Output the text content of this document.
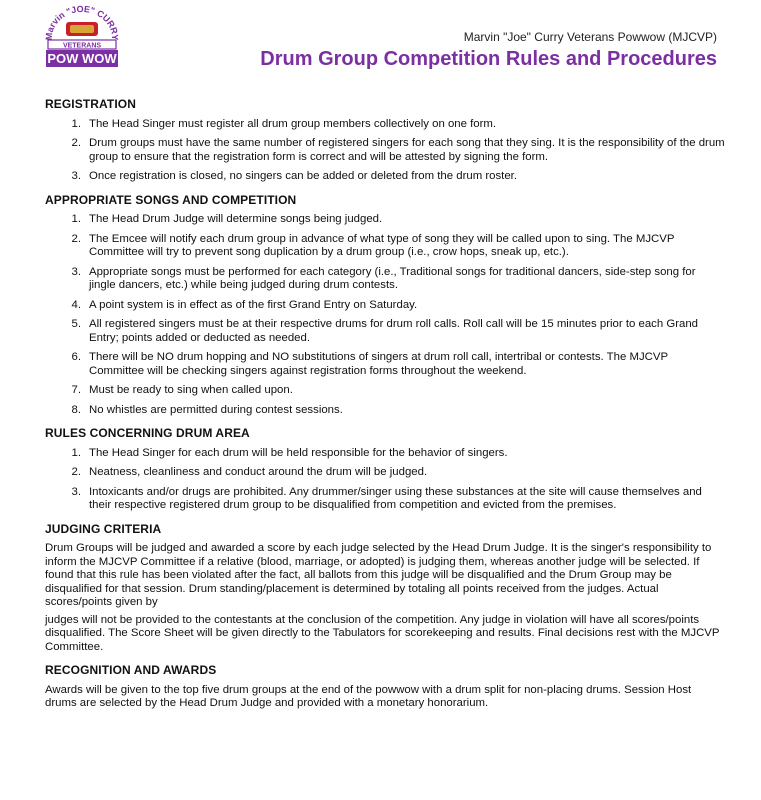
Marvin "JOE" CURRY
VETERANS
POW WOW
Marvin "Joe" Curry Veterans Powwow (MJCVP)
Drum Group Competition Rules and Procedures
REGISTRATION
1. The Head Singer must register all drum group members collectively on one form.
2. Drum groups must have the same number of registered singers for each song that they sing. It is the responsibility of the drum group to ensure that the registration form is correct and will be attested by signing the form.
3. Once registration is closed, no singers can be added or deleted from the drum roster.
APPROPRIATE SONGS AND COMPETITION
1. The Head Drum Judge will determine songs being judged.
2. The Emcee will notify each drum group in advance of what type of song they will be called upon to sing. The MJCVP Committee will try to prevent song duplication by a drum group (i.e., crow hops, sneak up, etc.).
3. Appropriate songs must be performed for each category (i.e., Traditional songs for traditional dancers, side-step song for jingle dancers, etc.) while being judged during drum contests.
4. A point system is in effect as of the first Grand Entry on Saturday.
5. All registered singers must be at their respective drums for drum roll calls. Roll call will be 15 minutes prior to each Grand Entry; points added or deducted as needed.
6. There will be NO drum hopping and NO substitutions of singers at drum roll call, intertribal or contests. The MJCVP Committee will be checking singers against registration forms throughout the weekend.
7. Must be ready to sing when called upon.
8. No whistles are permitted during contest sessions.
RULES CONCERNING DRUM AREA
1. The Head Singer for each drum will be held responsible for the behavior of singers.
2. Neatness, cleanliness and conduct around the drum will be judged.
3. Intoxicants and/or drugs are prohibited. Any drummer/singer using these substances at the site will cause themselves and their respective registered drum group to be disqualified from competition and evicted from the premises.
JUDGING CRITERIA

Drum Groups will be judged and awarded a score by each judge selected by the Head Drum Judge. It is the singer's responsibility to inform the MJCVP Committee if a relative (blood, marriage, or adopted) is judging them, whereas another judge will be selected. If found that this rule has been violated after the fact, all ballots from this judge will be disqualified and the Drum Group may be disqualified for that session. Drum standing/placement is determined by totaling all points received from the judges. Actual scores/points given by

judges will not be provided to the contestants at the conclusion of the competition. Any judge in violation will have all scores/points disqualified. The Score Sheet will be given directly to the Tabulators for scorekeeping and results. Final decisions rest with the MJCVP Committee.

RECOGNITION AND AWARDS

Awards will be given to the top five drum groups at the end of the powwow with a drum split for non-placing drums. Session Host drums are selected by the Head Drum Judge and provided with a monetary honorarium.
